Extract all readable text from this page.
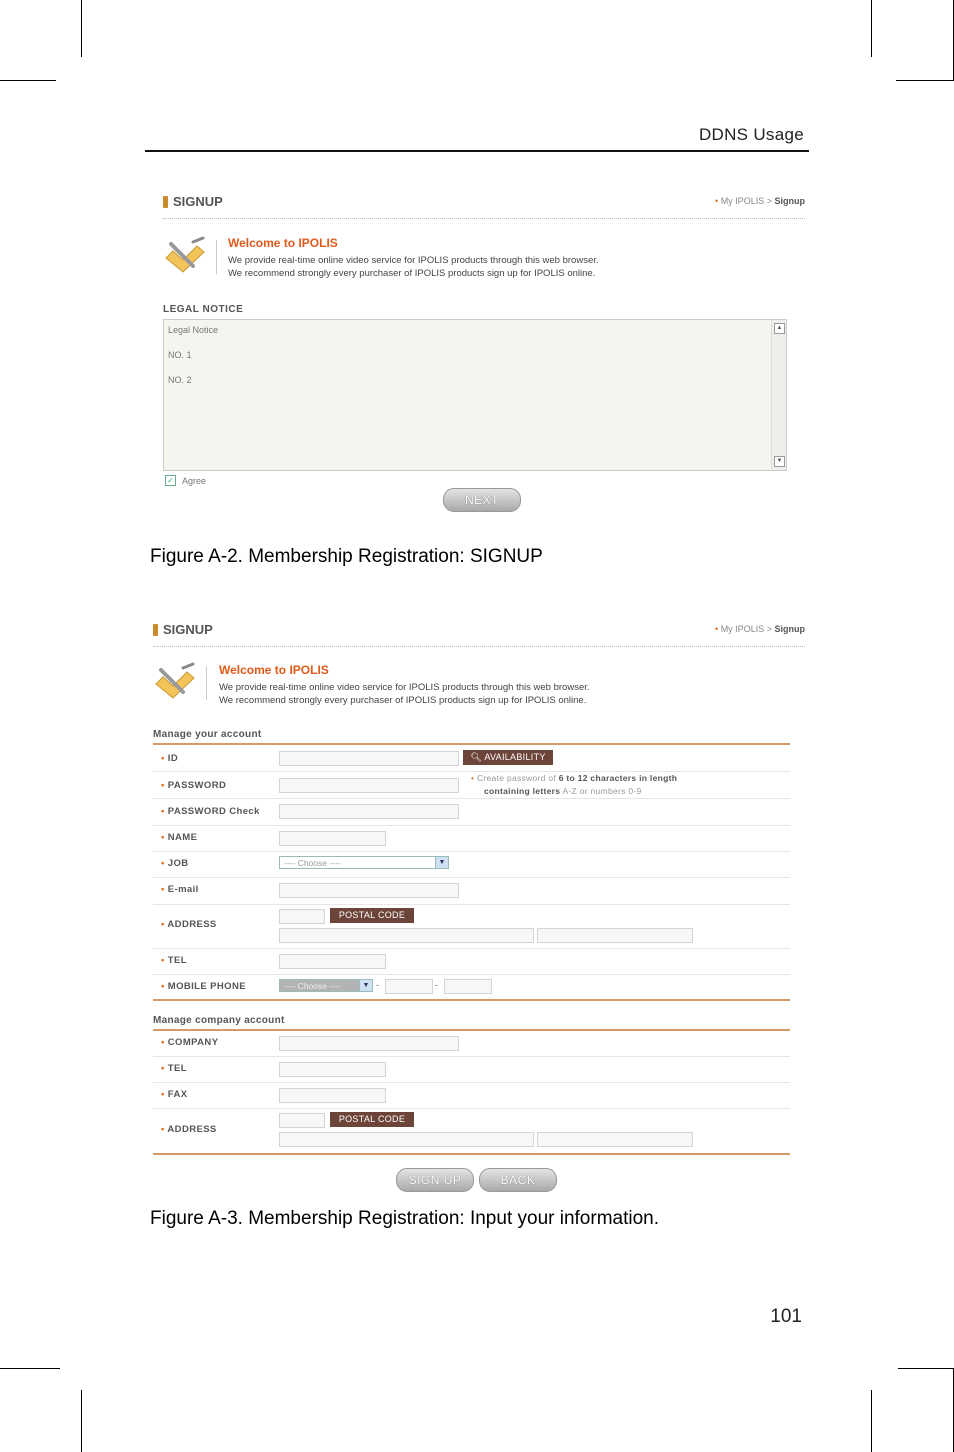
DDNS Usage
SIGNUP	• My IPOLIS > Signup
Welcome to IPOLIS
We provide real-time online video service for IPOLIS products through this web browser.
We recommend strongly every purchaser of IPOLIS products sign up for IPOLIS online.
LEGAL NOTICE
Legal Notice
NO. 1
NO. 2
▲
▼
✓ Agree
NEXT
Figure A-2. Membership Registration: SIGNUP
SIGNUP	• My IPOLIS > Signup
Welcome to IPOLIS
We provide real-time online video service for IPOLIS products through this web browser.
We recommend strongly every purchaser of IPOLIS products sign up for IPOLIS online.
Manage your account
• ID	🔍︎ AVAILABILITY
• PASSWORD
• Create password of 6 to 12 characters in length
containing letters A-Z or numbers 0-9
• PASSWORD Check
• NAME
• JOB	---- Choose ----	▼
• E-mail
• ADDRESS
POSTAL CODE
• TEL
• MOBILE PHONE	---- Choose ----	▼ -	-
Manage company account
• COMPANY
• TEL
• FAX
• ADDRESS
POSTAL CODE
SIGN UP	BACK
Figure A-3. Membership Registration: Input your information.
101
